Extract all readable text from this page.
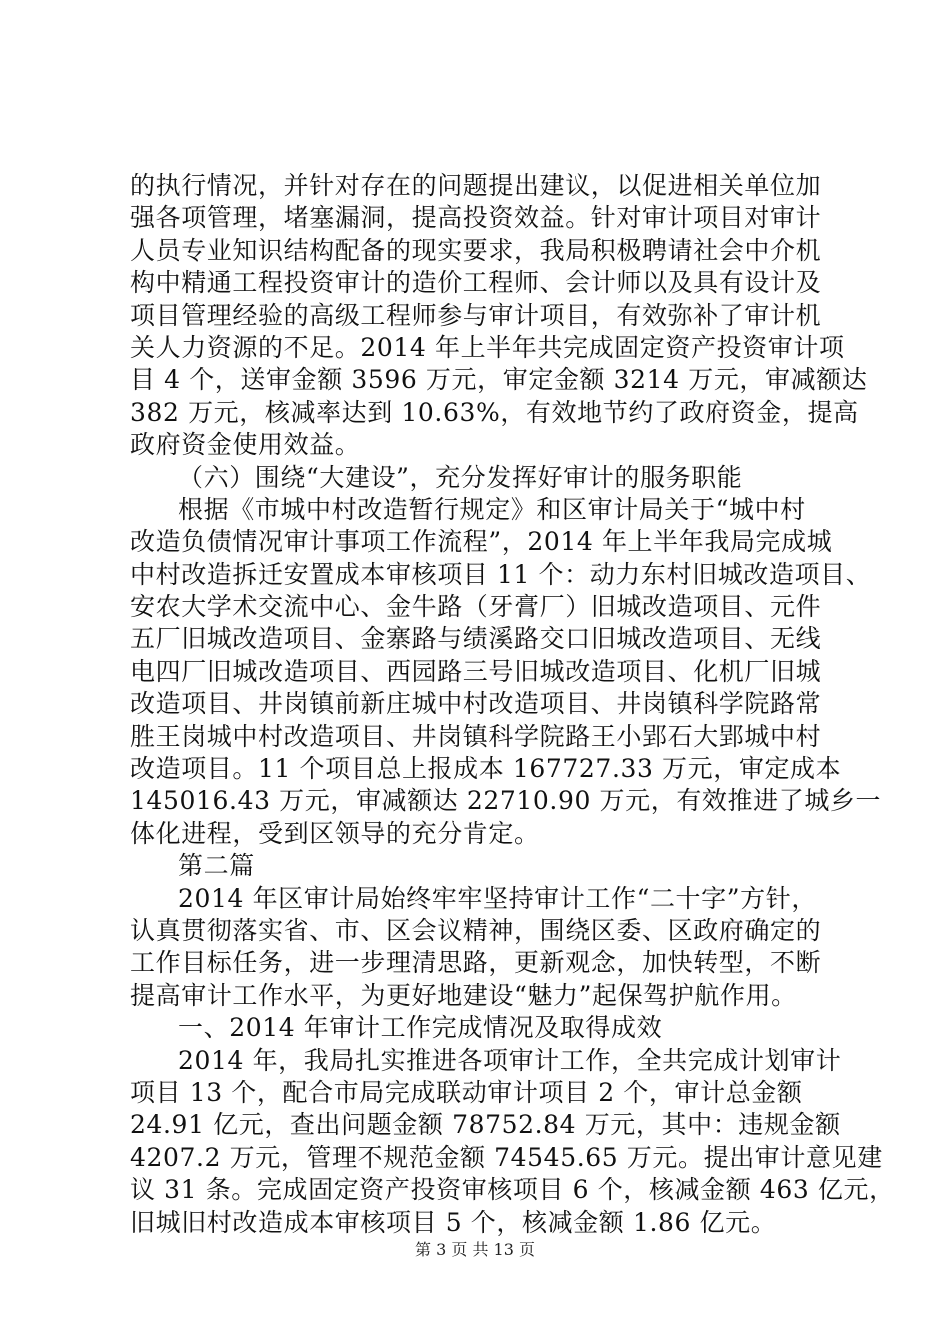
的执行情况，并针对存在的问题提出建议，以促进相关单位加
强各项管理，堵塞漏洞，提高投资效益。针对审计项目对审计
人员专业知识结构配备的现实要求，我局积极聘请社会中介机
构中精通工程投资审计的造价工程师、会计师以及具有设计及
项目管理经验的高级工程师参与审计项目，有效弥补了审计机
关人力资源的不足。2014 年上半年共完成固定资产投资审计项
目 4 个，送审金额 3596 万元，审定金额 3214 万元，审减额达
382 万元，核减率达到 10.63%，有效地节约了政府资金，提高
政府资金使用效益。
（六）围绕“大建设”，充分发挥好审计的服务职能
根据《市城中村改造暂行规定》和区审计局关于“城中村
改造负债情况审计事项工作流程”，2014 年上半年我局完成城
中村改造拆迁安置成本审核项目 11 个：动力东村旧城改造项目、
安农大学术交流中心、金牛路（牙膏厂）旧城改造项目、元件
五厂旧城改造项目、金寨路与绩溪路交口旧城改造项目、无线
电四厂旧城改造项目、西园路三号旧城改造项目、化机厂旧城
改造项目、井岗镇前新庄城中村改造项目、井岗镇科学院路常
胜王岗城中村改造项目、井岗镇科学院路王小郢石大郢城中村
改造项目。11 个项目总上报成本 167727.33 万元，审定成本
145016.43 万元，审减额达 22710.90 万元，有效推进了城乡一
体化进程，受到区领导的充分肯定。
第二篇
2014 年区审计局始终牢牢坚持审计工作“二十字”方针，
认真贯彻落实省、市、区会议精神，围绕区委、区政府确定的
工作目标任务，进一步理清思路，更新观念，加快转型，不断
提高审计工作水平，为更好地建设“魅力”起保驾护航作用。
一、2014 年审计工作完成情况及取得成效
2014 年，我局扎实推进各项审计工作，全共完成计划审计
项目 13 个，配合市局完成联动审计项目 2 个，审计总金额
24.91 亿元，查出问题金额 78752.84 万元，其中：违规金额
4207.2 万元，管理不规范金额 74545.65 万元。提出审计意见建
议 31 条。完成固定资产投资审核项目 6 个，核减金额 463 亿元，
旧城旧村改造成本审核项目 5 个，核减金额 1.86 亿元。
第 3 页 共 13 页
